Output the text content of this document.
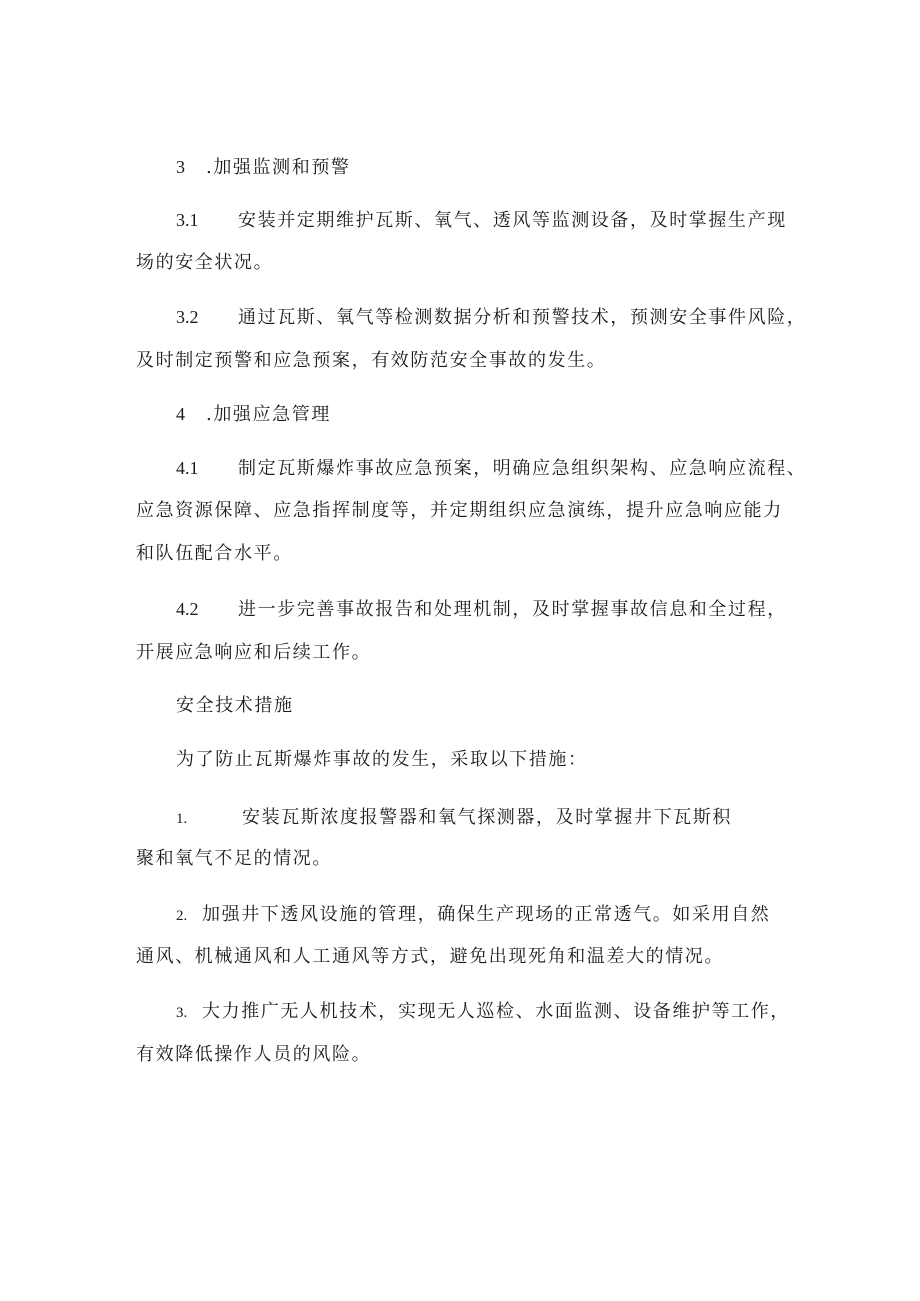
3 .加强监测和预警
3.1 安装并定期维护瓦斯、氧气、透风等监测设备，及时掌握生产现
场的安全状况。
3.2 通过瓦斯、氧气等检测数据分析和预警技术，预测安全事件风险，
及时制定预警和应急预案，有效防范安全事故的发生。
4 .加强应急管理
4.1 制定瓦斯爆炸事故应急预案，明确应急组织架构、应急响应流程、
应急资源保障、应急指挥制度等，并定期组织应急演练，提升应急响应能力
和队伍配合水平。
4.2 进一步完善事故报告和处理机制，及时掌握事故信息和全过程，
开展应急响应和后续工作。
安全技术措施
为了防止瓦斯爆炸事故的发生，采取以下措施：
1.	安装瓦斯浓度报警器和氧气探测器，及时掌握井下瓦斯积
聚和氧气不足的情况。
2. 加强井下透风设施的管理，确保生产现场的正常透气。如采用自然
通风、机械通风和人工通风等方式，避免出现死角和温差大的情况。
3. 大力推广无人机技术，实现无人巡检、水面监测、设备维护等工作，
有效降低操作人员的风险。
